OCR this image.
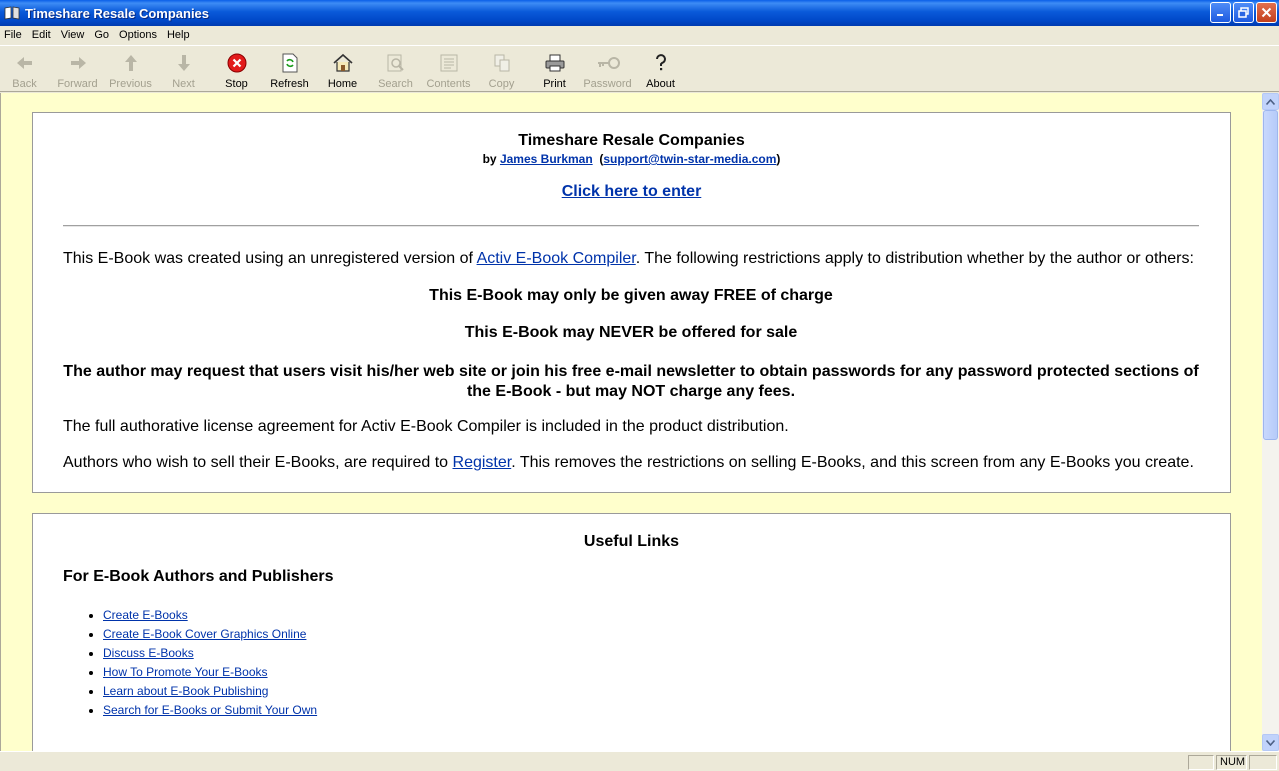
Timeshare Resale Companies
File Edit View Go Options Help
Back Forward Previous Next	Stop Refresh Home Search Contents Copy	Print Password About
Timeshare Resale Companies
by James Burkman  (support@twin-star-media.com)
Click here to enter
This E-Book was created using an unregistered version of Activ E-Book Compiler. The following restrictions apply to distribution whether by the author or others:
This E-Book may only be given away FREE of charge
This E-Book may NEVER be offered for sale
The author may request that users visit his/her web site or join his free e-mail newsletter to obtain passwords for any password protected sections of the E-Book - but may NOT charge any fees.
The full authorative license agreement for Activ E-Book Compiler is included in the product distribution.
Authors who wish to sell their E-Books, are required to Register. This removes the restrictions on selling E-Books, and this screen from any E-Books you create.
Useful Links
For E-Book Authors and Publishers
• Create E-Books
• Create E-Book Cover Graphics Online
• Discuss E-Books
• How To Promote Your E-Books
• Learn about E-Book Publishing
• Search for E-Books or Submit Your Own
NUM
